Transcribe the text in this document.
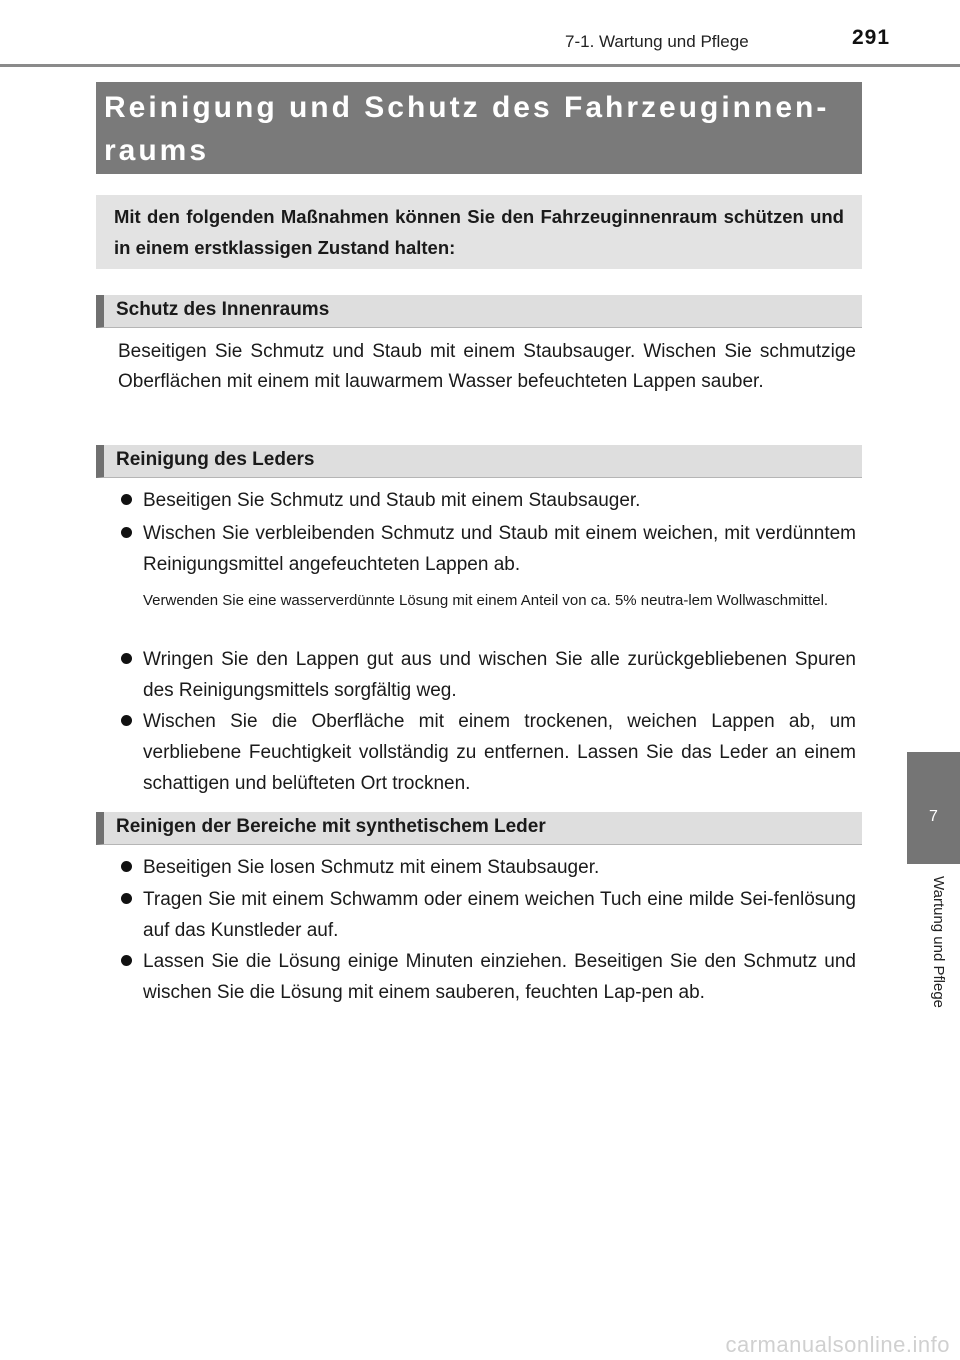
7-1. Wartung und Pflege	291
Reinigung und Schutz des Fahrzeuginnen-
raums
Mit den folgenden Maßnahmen können Sie den Fahrzeuginnenraum schützen und in einem erstklassigen Zustand halten:
Schutz des Innenraums
Beseitigen Sie Schmutz und Staub mit einem Staubsauger. Wischen Sie schmutzige Oberflächen mit einem mit lauwarmem Wasser befeuchteten Lappen sauber.
Reinigung des Leders
Beseitigen Sie Schmutz und Staub mit einem Staubsauger.
Wischen Sie verbleibenden Schmutz und Staub mit einem weichen, mit verdünntem Reinigungsmittel angefeuchteten Lappen ab.
Verwenden Sie eine wasserverdünnte Lösung mit einem Anteil von ca. 5% neutra-lem Wollwaschmittel.
Wringen Sie den Lappen gut aus und wischen Sie alle zurückgebliebenen Spuren des Reinigungsmittels sorgfältig weg.
Wischen Sie die Oberfläche mit einem trockenen, weichen Lappen ab, um verbliebene Feuchtigkeit vollständig zu entfernen. Lassen Sie das Leder an einem schattigen und belüfteten Ort trocknen.
Reinigen der Bereiche mit synthetischem Leder
Beseitigen Sie losen Schmutz mit einem Staubsauger.
Tragen Sie mit einem Schwamm oder einem weichen Tuch eine milde Sei-fenlösung auf das Kunstleder auf.
Lassen Sie die Lösung einige Minuten einziehen. Beseitigen Sie den Schmutz und wischen Sie die Lösung mit einem sauberen, feuchten Lap-pen ab.
7
Wartung und Pflege
carmanualsonline.info
